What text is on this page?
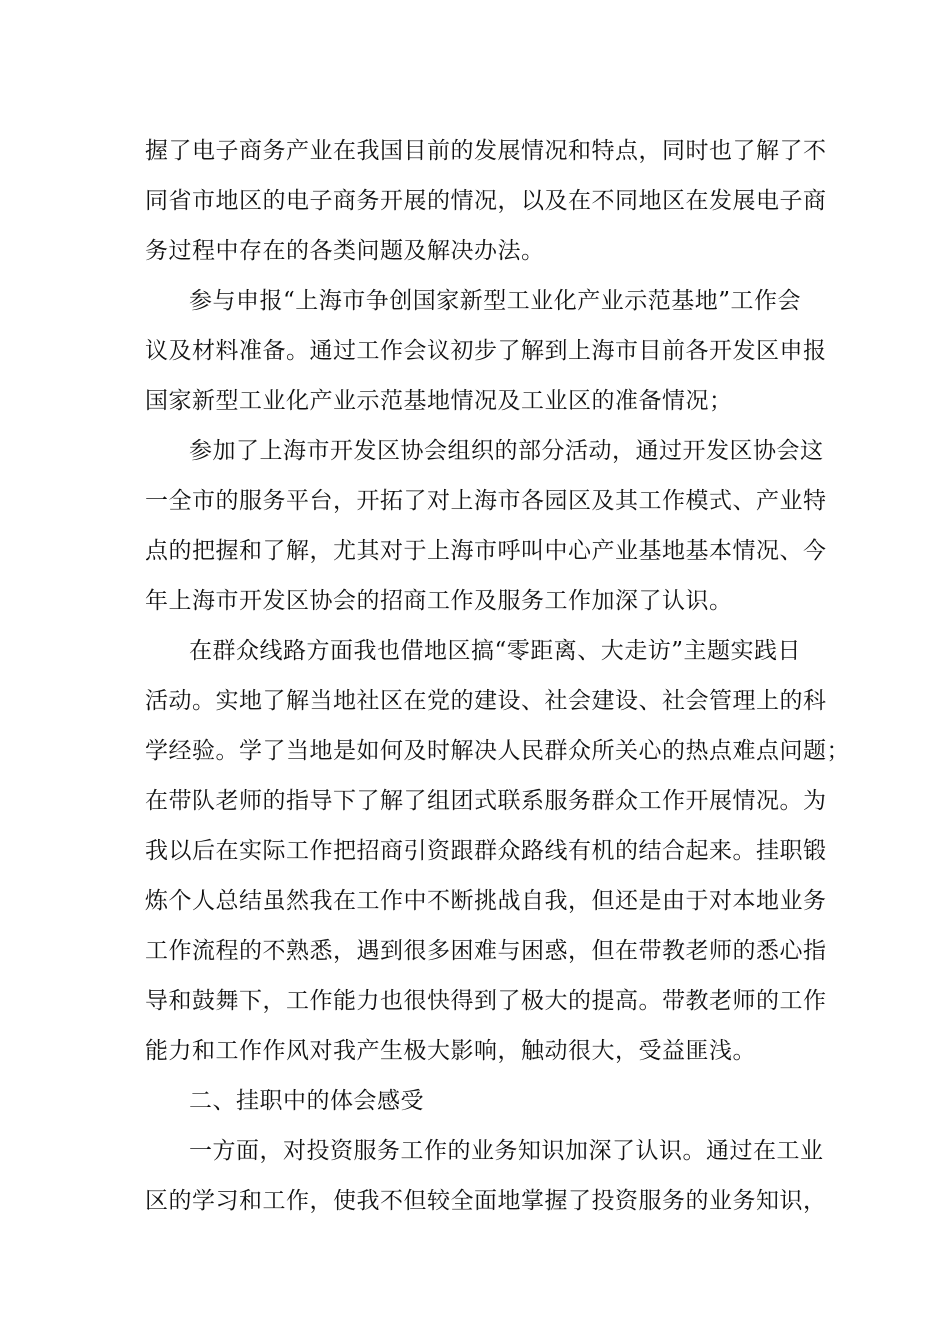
握了电子商务产业在我国目前的发展情况和特点，同时也了解了不
同省市地区的电子商务开展的情况，以及在不同地区在发展电子商
务过程中存在的各类问题及解决办法。
参与申报“上海市争创国家新型工业化产业示范基地”工作会
议及材料准备。通过工作会议初步了解到上海市目前各开发区申报
国家新型工业化产业示范基地情况及工业区的准备情况；
参加了上海市开发区协会组织的部分活动，通过开发区协会这
一全市的服务平台，开拓了对上海市各园区及其工作模式、产业特
点的把握和了解，尤其对于上海市呼叫中心产业基地基本情况、今
年上海市开发区协会的招商工作及服务工作加深了认识。
在群众线路方面我也借地区搞“零距离、大走访”主题实践日
活动。实地了解当地社区在党的建设、社会建设、社会管理上的科
学经验。学了当地是如何及时解决人民群众所关心的热点难点问题；
在带队老师的指导下了解了组团式联系服务群众工作开展情况。为
我以后在实际工作把招商引资跟群众路线有机的结合起来。挂职锻
炼个人总结虽然我在工作中不断挑战自我，但还是由于对本地业务
工作流程的不熟悉，遇到很多困难与困惑，但在带教老师的悉心指
导和鼓舞下，工作能力也很快得到了极大的提高。带教老师的工作
能力和工作作风对我产生极大影响，触动很大，受益匪浅。
二、挂职中的体会感受
一方面，对投资服务工作的业务知识加深了认识。通过在工业
区的学习和工作，使我不但较全面地掌握了投资服务的业务知识，
